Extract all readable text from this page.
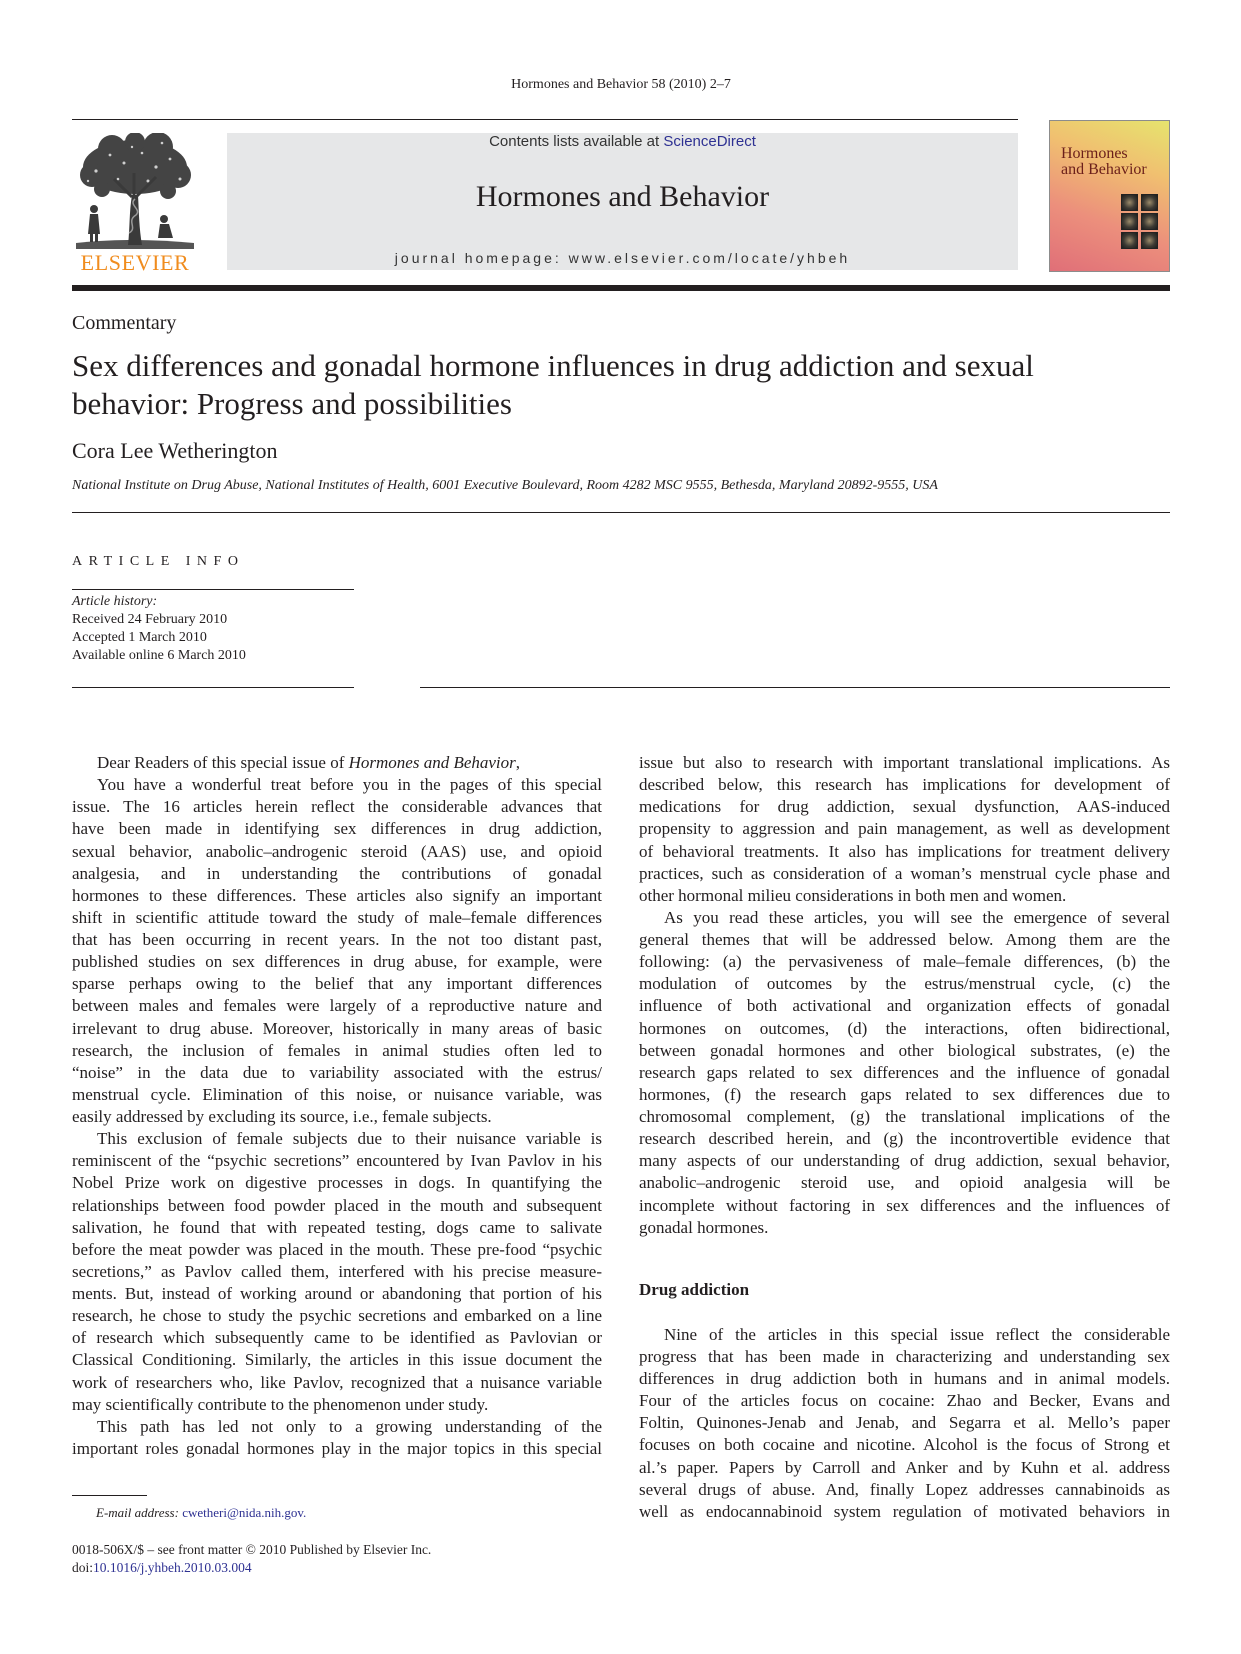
Hormones and Behavior 58 (2010) 2–7
ELSEVIER
Contents lists available at ScienceDirect
Hormones and Behavior
journal homepage: www.elsevier.com/locate/yhbeh
Hormones
and Behavior
Commentary
Sex differences and gonadal hormone influences in drug addiction and sexual
behavior: Progress and possibilities
Cora Lee Wetherington
National Institute on Drug Abuse, National Institutes of Health, 6001 Executive Boulevard, Room 4282 MSC 9555, Bethesda, Maryland 20892-9555, USA
ARTICLE INFO
Article history:
Received 24 February 2010
Accepted 1 March 2010
Available online 6 March 2010
Dear Readers of this special issue of Hormones and Behavior,
You have a wonderful treat before you in the pages of this special
issue. The 16 articles herein reflect the considerable advances that
have been made in identifying sex differences in drug addiction,
sexual behavior, anabolic–androgenic steroid (AAS) use, and opioid
analgesia, and in understanding the contributions of gonadal
hormones to these differences. These articles also signify an important
shift in scientific attitude toward the study of male–female differences
that has been occurring in recent years. In the not too distant past,
published studies on sex differences in drug abuse, for example, were
sparse perhaps owing to the belief that any important differences
between males and females were largely of a reproductive nature and
irrelevant to drug abuse. Moreover, historically in many areas of basic
research, the inclusion of females in animal studies often led to
“noise” in the data due to variability associated with the estrus/
menstrual cycle. Elimination of this noise, or nuisance variable, was
easily addressed by excluding its source, i.e., female subjects.
This exclusion of female subjects due to their nuisance variable is
reminiscent of the “psychic secretions” encountered by Ivan Pavlov in his
Nobel Prize work on digestive processes in dogs. In quantifying the
relationships between food powder placed in the mouth and subsequent
salivation, he found that with repeated testing, dogs came to salivate
before the meat powder was placed in the mouth. These pre-food “psychic
secretions,” as Pavlov called them, interfered with his precise measure-
ments. But, instead of working around or abandoning that portion of his
research, he chose to study the psychic secretions and embarked on a line
of research which subsequently came to be identified as Pavlovian or
Classical Conditioning. Similarly, the articles in this issue document the
work of researchers who, like Pavlov, recognized that a nuisance variable
may scientifically contribute to the phenomenon under study.
This path has led not only to a growing understanding of the
important roles gonadal hormones play in the major topics in this special
issue but also to research with important translational implications. As
described below, this research has implications for development of
medications for drug addiction, sexual dysfunction, AAS-induced
propensity to aggression and pain management, as well as development
of behavioral treatments. It also has implications for treatment delivery
practices, such as consideration of a woman’s menstrual cycle phase and
other hormonal milieu considerations in both men and women.
As you read these articles, you will see the emergence of several
general themes that will be addressed below. Among them are the
following: (a) the pervasiveness of male–female differences, (b) the
modulation of outcomes by the estrus/menstrual cycle, (c) the
influence of both activational and organization effects of gonadal
hormones on outcomes, (d) the interactions, often bidirectional,
between gonadal hormones and other biological substrates, (e) the
research gaps related to sex differences and the influence of gonadal
hormones, (f) the research gaps related to sex differences due to
chromosomal complement, (g) the translational implications of the
research described herein, and (g) the incontrovertible evidence that
many aspects of our understanding of drug addiction, sexual behavior,
anabolic–androgenic steroid use, and opioid analgesia will be
incomplete without factoring in sex differences and the influences of
gonadal hormones.
Drug addiction
Nine of the articles in this special issue reflect the considerable
progress that has been made in characterizing and understanding sex
differences in drug addiction both in humans and in animal models.
Four of the articles focus on cocaine: Zhao and Becker, Evans and
Foltin, Quinones-Jenab and Jenab, and Segarra et al. Mello’s paper
focuses on both cocaine and nicotine. Alcohol is the focus of Strong et
al.’s paper. Papers by Carroll and Anker and by Kuhn et al. address
several drugs of abuse. And, finally Lopez addresses cannabinoids as
well as endocannabinoid system regulation of motivated behaviors in
E-mail address: cwetheri@nida.nih.gov.
0018-506X/$ – see front matter © 2010 Published by Elsevier Inc.
doi:10.1016/j.yhbeh.2010.03.004
